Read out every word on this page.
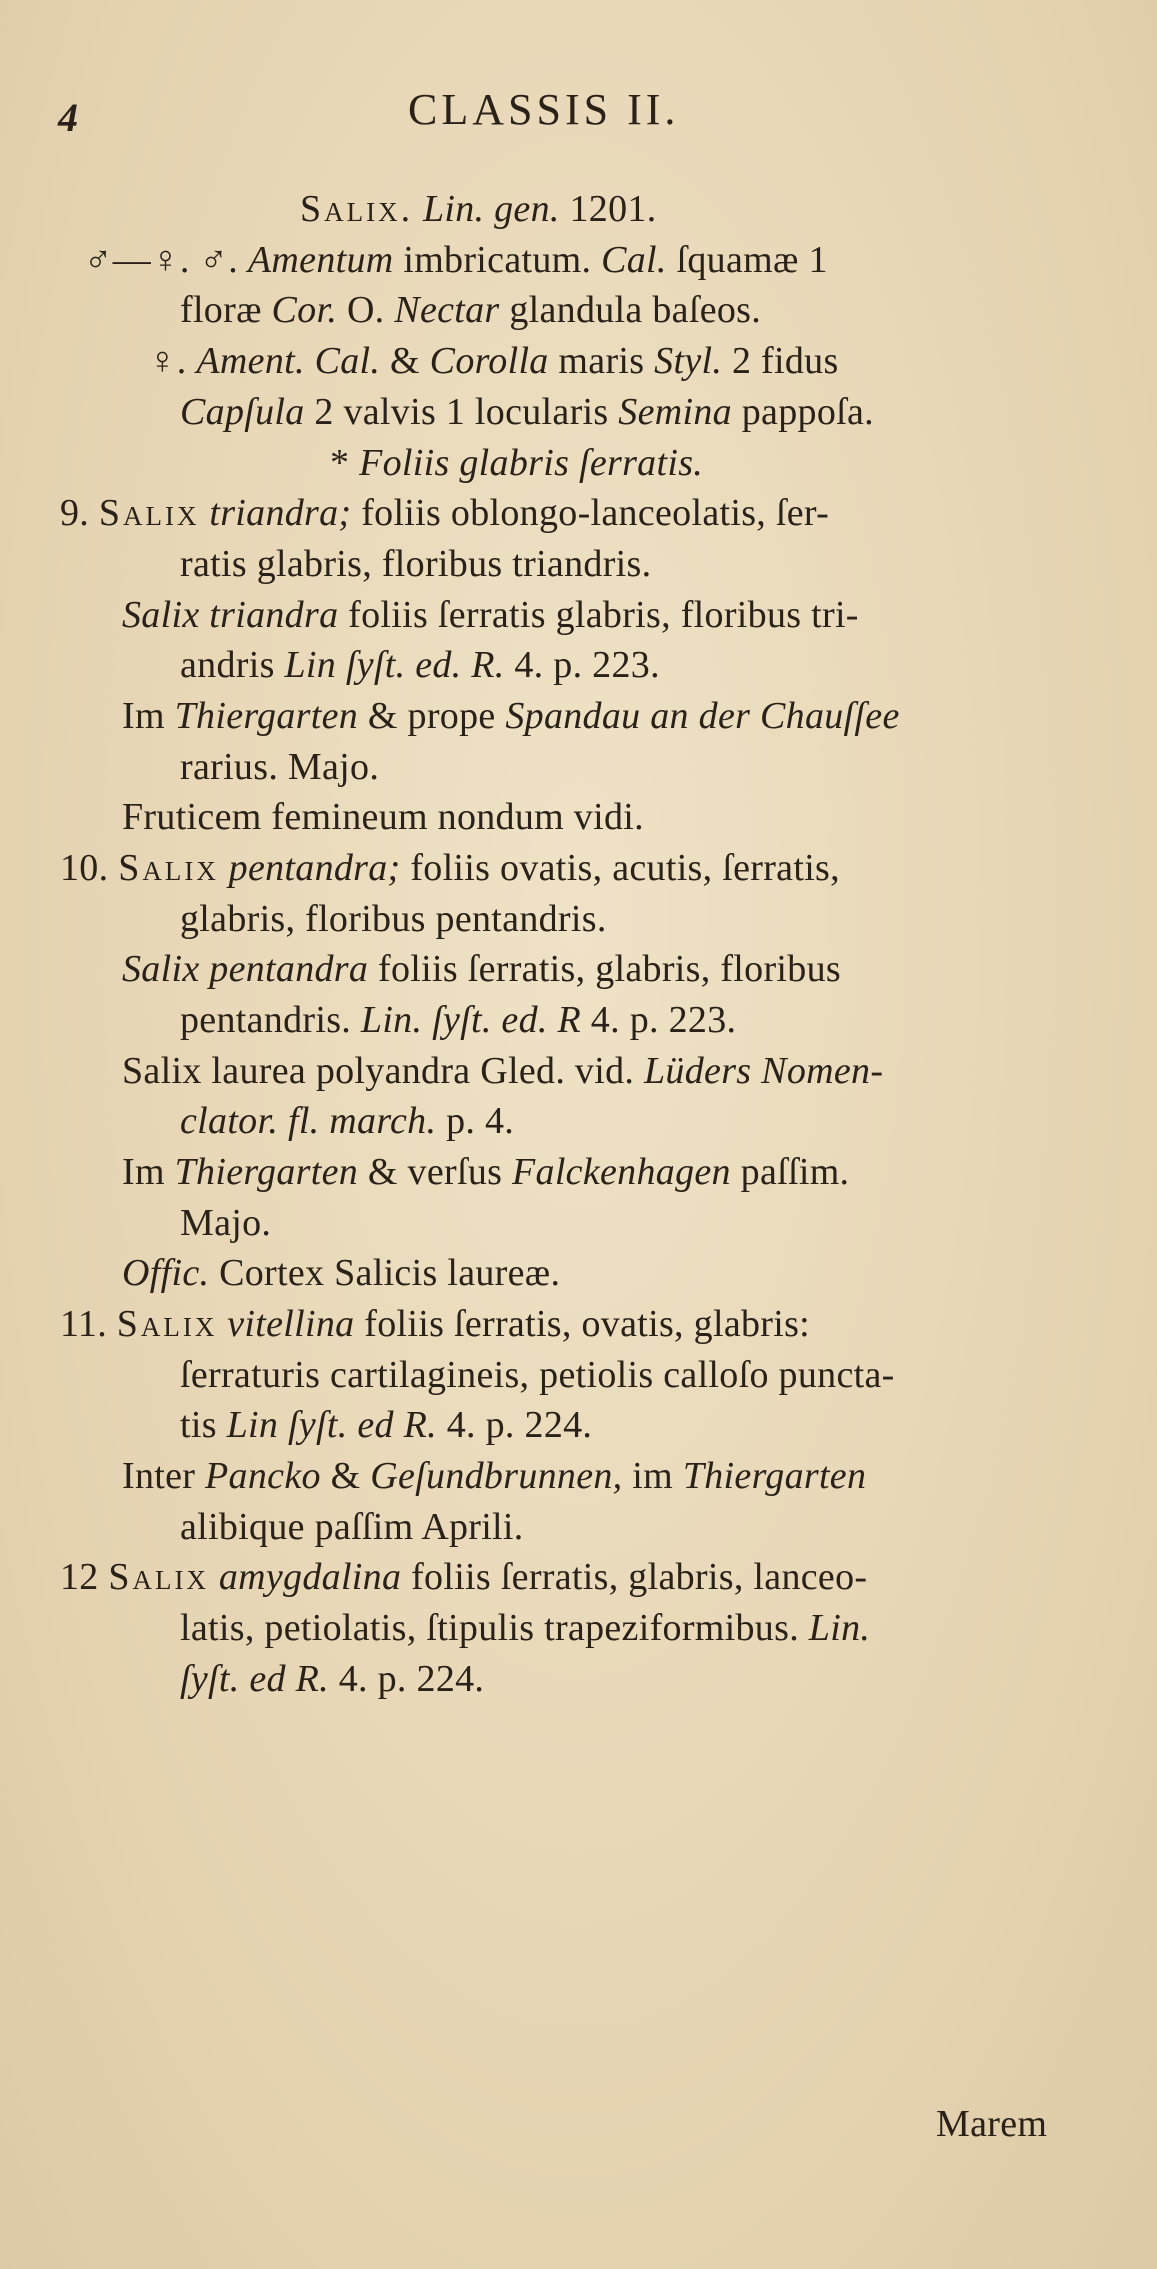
4	CLASSIS II.
Salix. Lin. gen. 1201.
♂—♀. ♂. Amentum imbricatum. Cal. ſquamæ 1
floræ Cor. O. Nectar glandula baſeos.
♀. Ament. Cal. & Corolla maris Styl. 2 fidus
Capſula 2 valvis 1 locularis Semina pappoſa.
* Foliis glabris ſerratis.
9. Salix triandra; foliis oblongo-lanceolatis, ſer-
ratis glabris, floribus triandris.
Salix triandra foliis ſerratis glabris, floribus tri-
andris Lin ſyſt. ed. R. 4. p. 223.
Im Thiergarten & prope Spandau an der Chauſſee
rarius. Majo.
Fruticem femineum nondum vidi.
10. Salix pentandra; foliis ovatis, acutis, ſerratis,
glabris, floribus pentandris.
Salix pentandra foliis ſerratis, glabris, floribus
pentandris. Lin. ſyſt. ed. R 4. p. 223.
Salix laurea polyandra Gled. vid. Lüders Nomen-
clator. fl. march. p. 4.
Im Thiergarten & verſus Falckenhagen paſſim.
Majo.
Offic. Cortex Salicis laureæ.
11. Salix vitellina foliis ſerratis, ovatis, glabris:
ſerraturis cartilagineis, petiolis calloſo puncta-
tis Lin ſyſt. ed R. 4. p. 224.
Inter Pancko & Geſundbrunnen, im Thiergarten
alibique paſſim Aprili.
12 Salix amygdalina foliis ſerratis, glabris, lanceo-
latis, petiolatis, ſtipulis trapeziformibus. Lin.
ſyſt. ed R. 4. p. 224.
Marem
